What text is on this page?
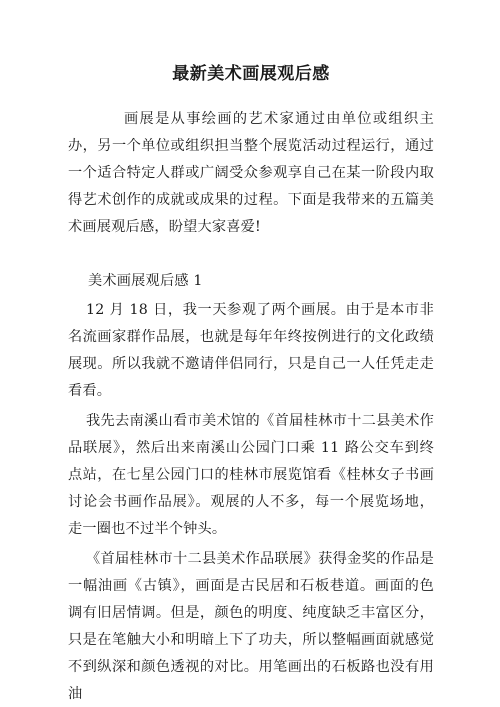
最新美术画展观后感

画展是从事绘画的艺术家通过由单位或组织主办，另一个单位或组织担当整个展览活动过程运行，通过一个适合特定人群或广阔受众参观享自己在某一阶段内取得艺术创作的成就或成果的过程。下面是我带来的五篇美术画展观后感，盼望大家喜爱!

美术画展观后感 1

12 月 18 日，我一天参观了两个画展。由于是本市非名流画家群作品展，也就是每年年终按例进行的文化政绩展现。所以我就不邀请伴侣同行，只是自己一人任凭走走看看。

我先去南溪山看市美术馆的《首届桂林市十二县美术作品联展》，然后出来南溪山公园门口乘 11 路公交车到终点站，在七星公园门口的桂林市展览馆看《桂林女子书画讨论会书画作品展》。观展的人不多，每一个展览场地，走一圈也不过半个钟头。

《首届桂林市十二县美术作品联展》获得金奖的作品是一幅油画《古镇》，画面是古民居和石板巷道。画面的色调有旧居情调。但是，颜色的明度、纯度缺乏丰富区分，只是在笔触大小和明暗上下了功夫，所以整幅画面就感觉不到纵深和颜色透视的对比。用笔画出的石板路也没有用油
